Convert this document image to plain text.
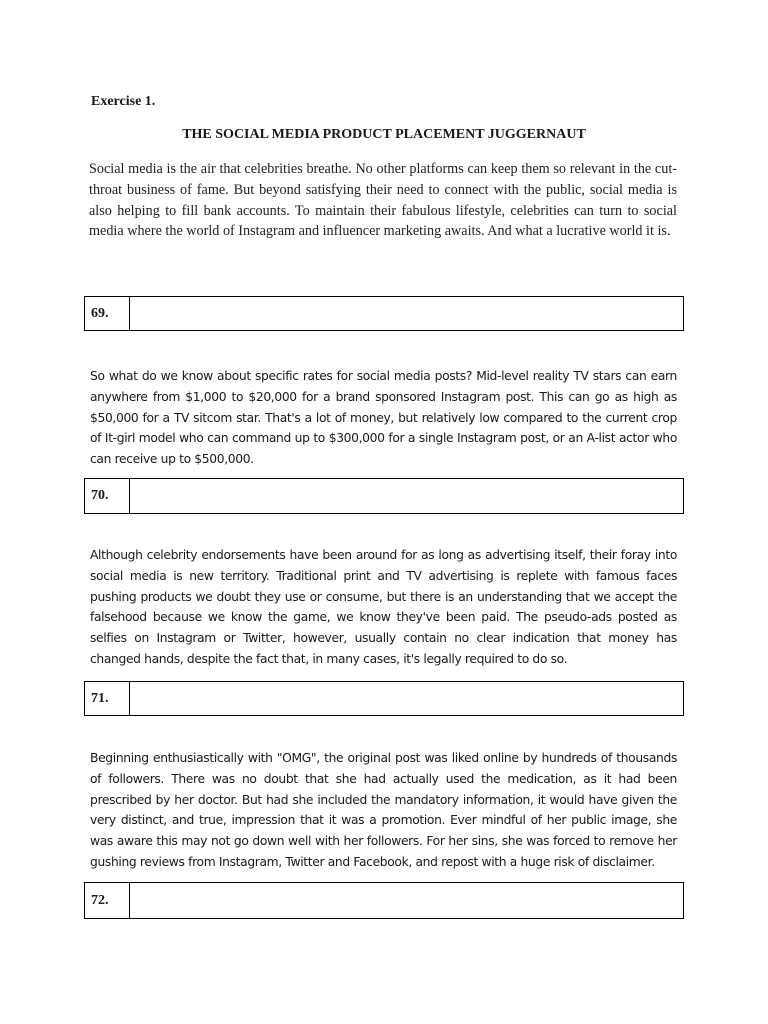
Exercise 1.
THE SOCIAL MEDIA PRODUCT PLACEMENT JUGGERNAUT
Social media is the air that celebrities breathe. No other platforms can keep them so relevant in the cut-throat business of fame. But beyond satisfying their need to connect with the public, social media is also helping to fill bank accounts. To maintain their fabulous lifestyle, celebrities can turn to social media where the world of Instagram and influencer marketing awaits. And what a lucrative world it is.
69.
So what do we know about specific rates for social media posts? Mid-level reality TV stars can earn anywhere from $1,000 to $20,000 for a brand sponsored Instagram post. This can go as high as $50,000 for a TV sitcom star. That's a lot of money, but relatively low compared to the current crop of It-girl model who can command up to $300,000 for a single Instagram post, or an A-list actor who can receive up to $500,000.
70.
Although celebrity endorsements have been around for as long as advertising itself, their foray into social media is new territory. Traditional print and TV advertising is replete with famous faces pushing products we doubt they use or consume, but there is an understanding that we accept the falsehood because we know the game, we know they've been paid. The pseudo-ads posted as selfies on Instagram or Twitter, however, usually contain no clear indication that money has changed hands, despite the fact that, in many cases, it's legally required to do so.
71.
Beginning enthusiastically with "OMG", the original post was liked online by hundreds of thousands of followers. There was no doubt that she had actually used the medication, as it had been prescribed by her doctor. But had she included the mandatory information, it would have given the very distinct, and true, impression that it was a promotion. Ever mindful of her public image, she was aware this may not go down well with her followers. For her sins, she was forced to remove her gushing reviews from Instagram, Twitter and Facebook, and repost with a huge risk of disclaimer.
72.
